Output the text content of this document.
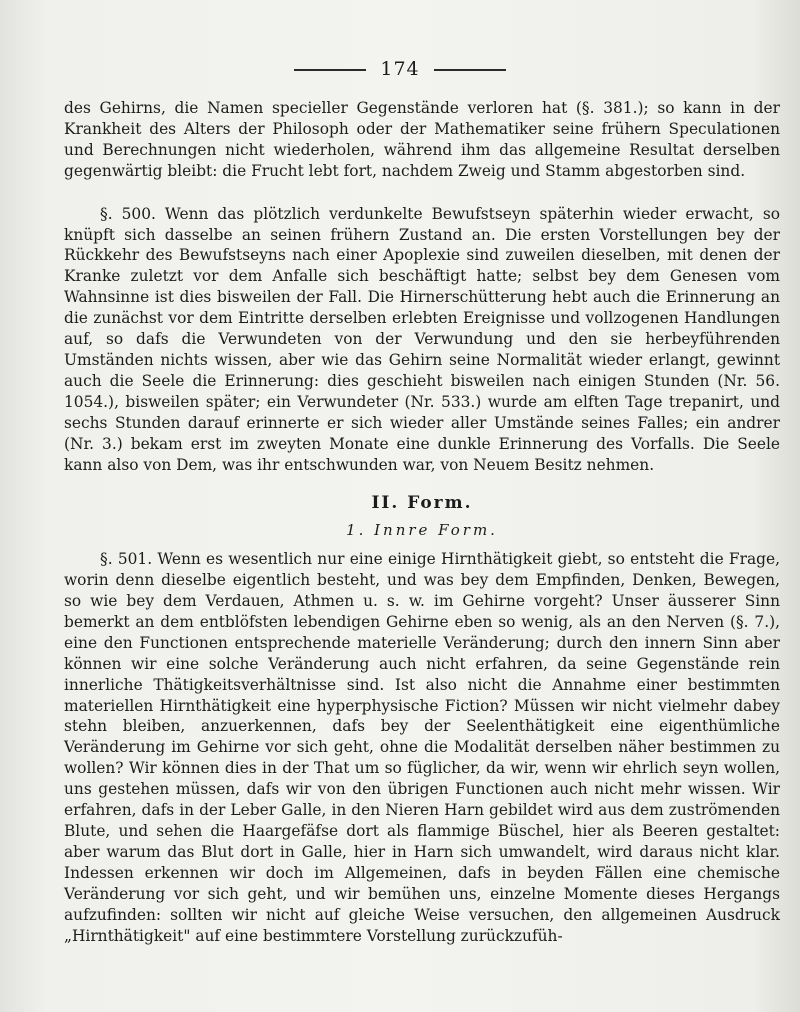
174

des Gehirns, die Namen specieller Gegenstände verloren hat (§. 381.); so kann in der Krankheit des Alters der Philosoph oder der Mathematiker seine frühern Speculationen und Berechnungen nicht wiederholen, während ihm das allgemeine Resultat derselben gegenwärtig bleibt: die Frucht lebt fort, nachdem Zweig und Stamm abgestorben sind.

§. 500. Wenn das plötzlich verdunkelte Bewufstseyn späterhin wieder erwacht, so knüpft sich dasselbe an seinen frühern Zustand an. Die ersten Vorstellungen bey der Rückkehr des Bewufstseyns nach einer Apoplexie sind zuweilen dieselben, mit denen der Kranke zuletzt vor dem Anfalle sich beschäftigt hatte; selbst bey dem Genesen vom Wahnsinne ist dies bisweilen der Fall. Die Hirnerschütterung hebt auch die Erinnerung an die zunächst vor dem Eintritte derselben erlebten Ereignisse und vollzogenen Handlungen auf, so dafs die Verwundeten von der Verwundung und den sie herbeyführenden Umständen nichts wissen, aber wie das Gehirn seine Normalität wieder erlangt, gewinnt auch die Seele die Erinnerung: dies geschieht bisweilen nach einigen Stunden (Nr. 56. 1054.), bisweilen später; ein Verwundeter (Nr. 533.) wurde am elften Tage trepanirt, und sechs Stunden darauf erinnerte er sich wieder aller Umstände seines Falles; ein andrer (Nr. 3.) bekam erst im zweyten Monate eine dunkle Erinnerung des Vorfalls. Die Seele kann also von Dem, was ihr entschwunden war, von Neuem Besitz nehmen.

II. Form.
1. Innre Form.

§. 501. Wenn es wesentlich nur eine einige Hirnthätigkeit giebt, so entsteht die Frage, worin denn dieselbe eigentlich besteht, und was bey dem Empfinden, Denken, Bewegen, so wie bey dem Verdauen, Athmen u. s. w. im Gehirne vorgeht? Unser äusserer Sinn bemerkt an dem entblöfsten lebendigen Gehirne eben so wenig, als an den Nerven (§. 7.), eine den Functionen entsprechende materielle Veränderung; durch den innern Sinn aber können wir eine solche Veränderung auch nicht erfahren, da seine Gegenstände rein innerliche Thätigkeitsverhältnisse sind. Ist also nicht die Annahme einer bestimmten materiellen Hirnthätigkeit eine hyperphysische Fiction? Müssen wir nicht vielmehr dabey stehn bleiben, anzuerkennen, dafs bey der Seelenthätigkeit eine eigenthümliche Veränderung im Gehirne vor sich geht, ohne die Modalität derselben näher bestimmen zu wollen? Wir können dies in der That um so füglicher, da wir, wenn wir ehrlich seyn wollen, uns gestehen müssen, dafs wir von den übrigen Functionen auch nicht mehr wissen. Wir erfahren, dafs in der Leber Galle, in den Nieren Harn gebildet wird aus dem zuströmenden Blute, und sehen die Haargefäfse dort als flammige Büschel, hier als Beeren gestaltet: aber warum das Blut dort in Galle, hier in Harn sich umwandelt, wird daraus nicht klar. Indessen erkennen wir doch im Allgemeinen, dafs in beyden Fällen eine chemische Veränderung vor sich geht, und wir bemühen uns, einzelne Momente dieses Hergangs aufzufinden: sollten wir nicht auf gleiche Weise versuchen, den allgemeinen Ausdruck „Hirnthätigkeit" auf eine bestimmtere Vorstellung zurückzufüh-
